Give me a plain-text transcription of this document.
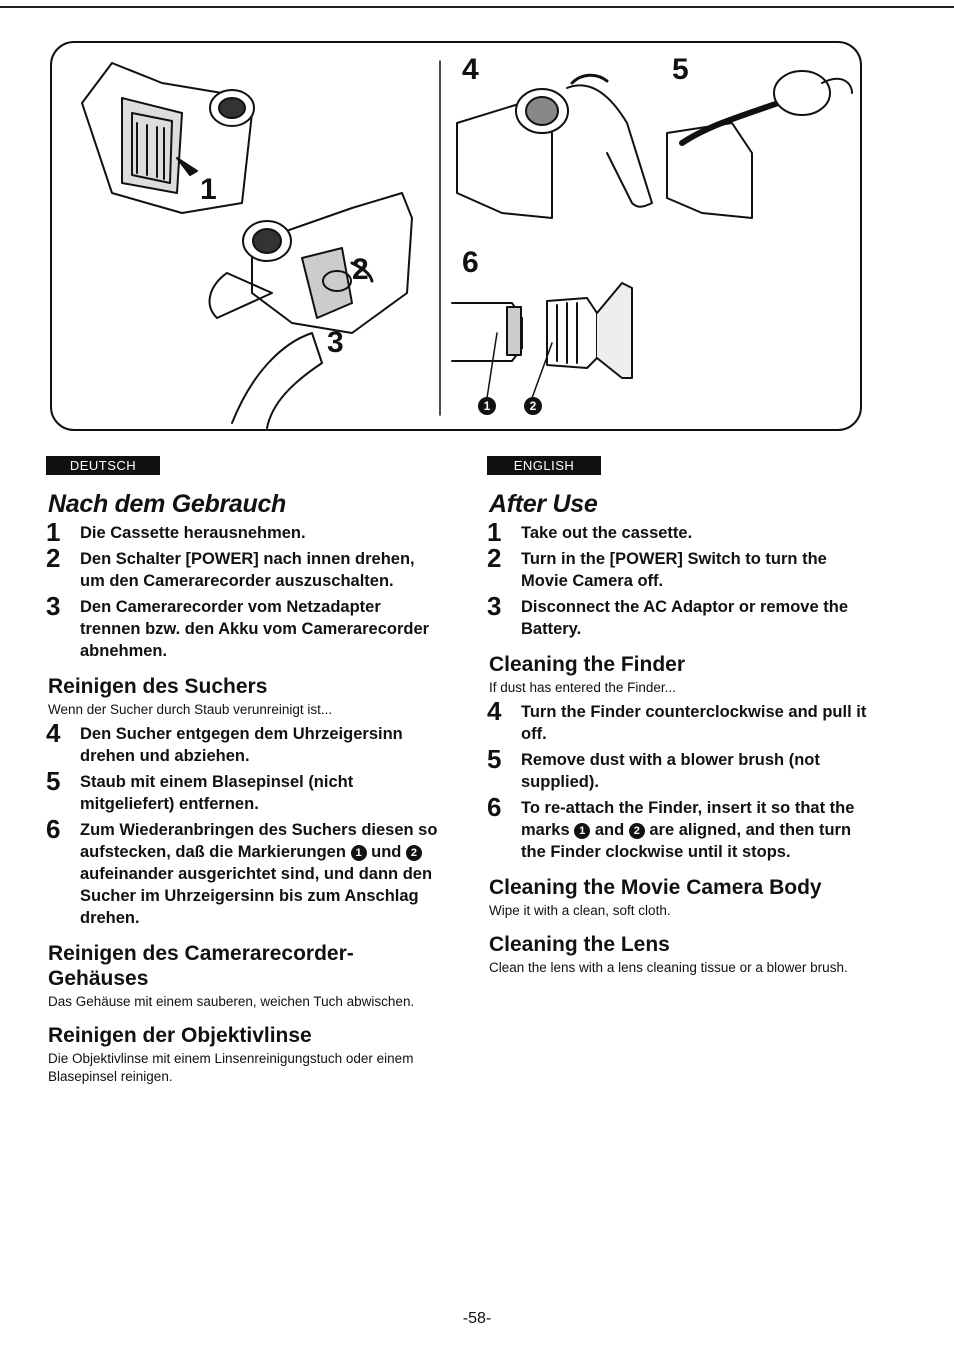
1
2
3
4	5
6
1	2
DEUTSCH	ENGLISH
Nach dem Gebrauch
1 Die Cassette herausnehmen.
2 Den Schalter [POWER] nach innen drehen, um den Camerarecorder auszuschalten.
3 Den Camerarecorder vom Netzadapter trennen bzw. den Akku vom Camerarecorder abnehmen.
Reinigen des Suchers

Wenn der Sucher durch Staub verunreinigt ist...

4 Den Sucher entgegen dem Uhrzeigersinn drehen und abziehen.
5 Staub mit einem Blasepinsel (nicht mitgeliefert) entfernen.
6 Zum Wiederanbringen des Suchers diesen so aufstecken, daß die Markierungen 1 und 2 aufeinander ausgerichtet sind, und dann den Sucher im Uhrzeigersinn bis zum Anschlag drehen.
Reinigen des Camerarecorder-Gehäuses

Das Gehäuse mit einem sauberen, weichen Tuch abwischen.

Reinigen der Objektivlinse

Die Objektivlinse mit einem Linsenreinigungstuch oder einem Blasepinsel reinigen.

After Use
1 Take out the cassette.
2 Turn in the [POWER] Switch to turn the Movie Camera off.
3 Disconnect the AC Adaptor or remove the Battery.
Cleaning the Finder

If dust has entered the Finder...

4 Turn the Finder counterclockwise and pull it off.
5 Remove dust with a blower brush (not supplied).
6 To re-attach the Finder, insert it so that the marks 1 and 2 are aligned, and then turn the Finder clockwise until it stops.
Cleaning the Movie Camera Body

Wipe it with a clean, soft cloth.

Cleaning the Lens

Clean the lens with a lens cleaning tissue or a blower brush.

-58-
